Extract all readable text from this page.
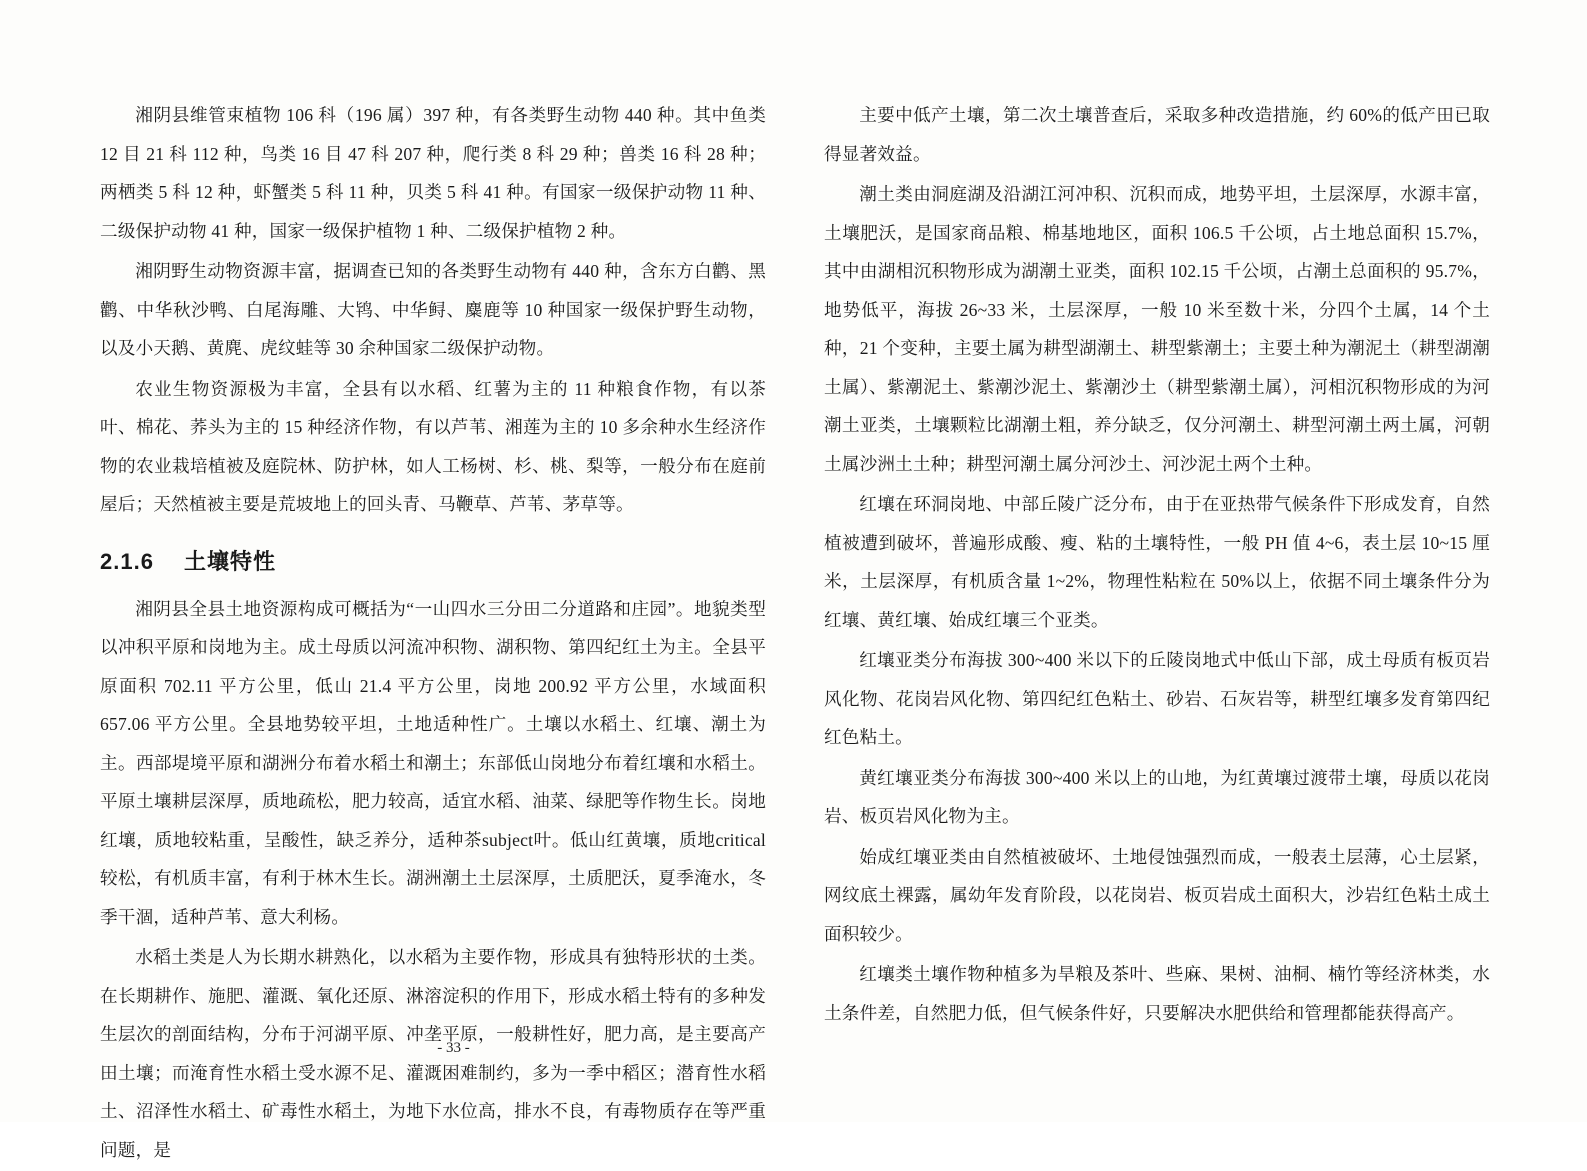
湘阴县维管束植物 106 科（196 属）397 种，有各类野生动物 440 种。其中鱼类 12 目 21 科 112 种，鸟类 16 目 47 科 207 种，爬行类 8 科 29 种；兽类 16 科 28 种；两栖类 5 科 12 种，虾蟹类 5 科 11 种，贝类 5 科 41 种。有国家一级保护动物 11 种、二级保护动物 41 种，国家一级保护植物 1 种、二级保护植物 2 种。

湘阴野生动物资源丰富，据调查已知的各类野生动物有 440 种，含东方白鹳、黑鹳、中华秋沙鸭、白尾海雕、大鸨、中华鲟、麋鹿等 10 种国家一级保护野生动物，以及小天鹅、黄麂、虎纹蛙等 30 余种国家二级保护动物。

农业生物资源极为丰富，全县有以水稻、红薯为主的 11 种粮食作物，有以茶叶、棉花、荞头为主的 15 种经济作物，有以芦苇、湘莲为主的 10 多余种水生经济作物的农业栽培植被及庭院林、防护林，如人工杨树、杉、桃、梨等，一般分布在庭前屋后；天然植被主要是荒坡地上的回头青、马鞭草、芦苇、茅草等。

2.1.6 土壤特性

湘阴县全县土地资源构成可概括为“一山四水三分田二分道路和庄园”。地貌类型以冲积平原和岗地为主。成土母质以河流冲积物、湖积物、第四纪红土为主。全县平原面积 702.11 平方公里，低山 21.4 平方公里，岗地 200.92 平方公里，水域面积 657.06 平方公里。全县地势较平坦，土地适种性广。土壤以水稻土、红壤、潮土为主。西部堤境平原和湖洲分布着水稻土和潮土；东部低山岗地分布着红壤和水稻土。平原土壤耕层深厚，质地疏松，肥力较高，适宜水稻、油菜、绿肥等作物生长。岗地红壤，质地较粘重，呈酸性，缺乏养分，适种茶subject叶。低山红黄壤，质地critical较松，有机质丰富，有利于林木生长。湖洲潮土土层深厚，土质肥沃，夏季淹水，冬季干涸，适种芦苇、意大利杨。

水稻土类是人为长期水耕熟化，以水稻为主要作物，形成具有独特形状的土类。在长期耕作、施肥、灌溉、氧化还原、淋溶淀积的作用下，形成水稻土特有的多种发生层次的剖面结构，分布于河湖平原、冲垄平原，一般耕性好，肥力高，是主要高产田土壤；而淹育性水稻土受水源不足、灌溉困难制约，多为一季中稻区；潜育性水稻土、沼泽性水稻土、矿毒性水稻土，为地下水位高，排水不良，有毒物质存在等严重问题，是

主要中低产土壤，第二次土壤普查后，采取多种改造措施，约 60%的低产田已取得显著效益。

潮土类由洞庭湖及沿湖江河冲积、沉积而成，地势平坦，土层深厚，水源丰富，土壤肥沃，是国家商品粮、棉基地地区，面积 106.5 千公顷，占土地总面积 15.7%，其中由湖相沉积物形成为湖潮土亚类，面积 102.15 千公顷，占潮土总面积的 95.7%，地势低平，海拔 26~33 米，土层深厚，一般 10 米至数十米，分四个土属，14 个土种，21 个变种，主要土属为耕型湖潮土、耕型紫潮土；主要土种为潮泥土（耕型湖潮土属）、紫潮泥土、紫潮沙泥土、紫潮沙土（耕型紫潮土属），河相沉积物形成的为河潮土亚类，土壤颗粒比湖潮土粗，养分缺乏，仅分河潮土、耕型河潮土两土属，河朝土属沙洲土土种；耕型河潮土属分河沙土、河沙泥土两个土种。

红壤在环洞岗地、中部丘陵广泛分布，由于在亚热带气候条件下形成发育，自然植被遭到破坏，普遍形成酸、瘦、粘的土壤特性，一般 PH 值 4~6，表土层 10~15 厘米，土层深厚，有机质含量 1~2%，物理性粘粒在 50%以上，依据不同土壤条件分为红壤、黄红壤、始成红壤三个亚类。

红壤亚类分布海拔 300~400 米以下的丘陵岗地式中低山下部，成土母质有板页岩风化物、花岗岩风化物、第四纪红色粘土、砂岩、石灰岩等，耕型红壤多发育第四纪红色粘土。

黄红壤亚类分布海拔 300~400 米以上的山地，为红黄壤过渡带土壤，母质以花岗岩、板页岩风化物为主。

始成红壤亚类由自然植被破坏、土地侵蚀强烈而成，一般表土层薄，心土层紧，网纹底土裸露，属幼年发育阶段，以花岗岩、板页岩成土面积大，沙岩红色粘土成土面积较少。

红壤类土壤作物种植多为旱粮及茶叶、些麻、果树、油桐、楠竹等经济林类，水土条件差，自然肥力低，但气候条件好，只要解决水肥供给和管理都能获得高产。

- 33 -
